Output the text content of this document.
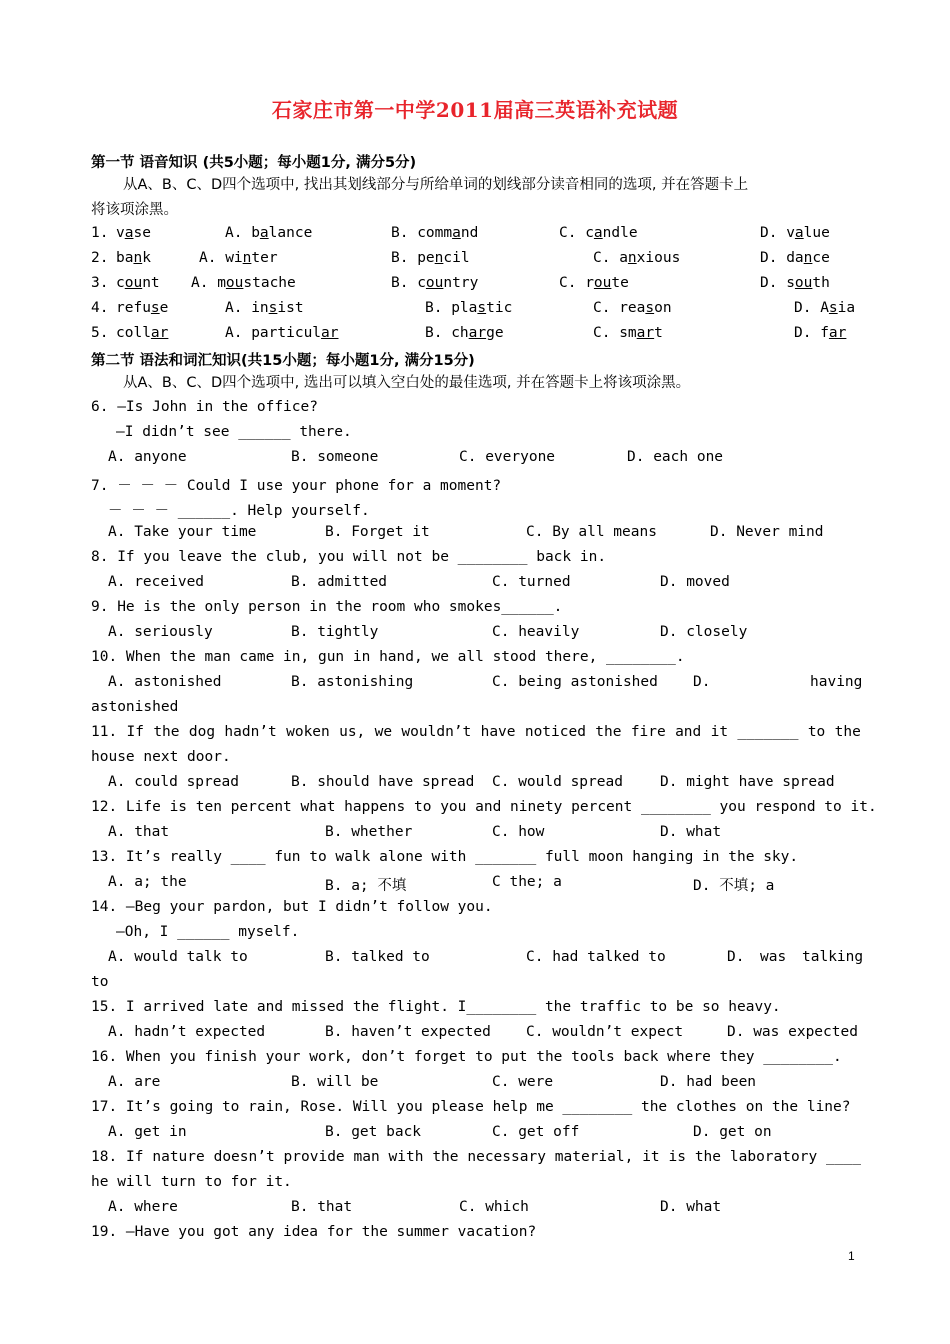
石家庄市第一中学2011届高三英语补充试题
第一节 语音知识 (共5小题；每小题1分, 满分5分)
从A、B、C、D四个选项中, 找出其划线部分与所给单词的划线部分读音相同的选项, 并在答题卡上
将该项涂黑。
1. vase	A. balance	B. command	C. candle	D. value
2. bank	A. winter	B. pencil	C. anxious	D. dance
3. count A. moustache	B. country	C. route	D. south
4. refuse	A. insist	B. plastic	C. reason	D. Asia
5. collar	A. particular	B. charge	C. smart	D. far
第二节 语法和词汇知识(共15小题；每小题1分, 满分15分)
从A、B、C、D四个选项中, 选出可以填入空白处的最佳选项, 并在答题卡上将该项涂黑。
6. —Is John in the office?
—I didn’t see ______ there.
A. anyone	B. someone	C. everyone	D. each one
7. － － － Could I use your phone for a moment?
－ － － ______. Help yourself.
A. Take your time	B. Forget it	C. By all means	D. Never mind
8. If you leave the club, you will not be ________ back in.
A. received	B. admitted	C. turned	D. moved
9. He is the only person in the room who smokes______.
A. seriously	B. tightly	C. heavily	D. closely
10. When the man came in, gun in hand, we all stood there, ________.
A. astonished	B. astonishing	C. being astonished D.	having
astonished
11. If the dog hadn’t woken us, we wouldn’t have noticed the fire and it _______ to the
house next door.
A. could spread	B. should have spread C. would spread	D. might have spread
12. Life is ten percent what happens to you and ninety percent ________ you respond to it.
A. that	B. whether	C. how	D. what
13. It’s really ____ fun to walk alone with _______ full moon hanging in the sky.
A. a; the	B. a; 不填	C the; a	D. 不填; a
14. —Beg your pardon, but I didn’t follow you.
—Oh, I ______ myself.
A. would talk to	B. talked to	C. had talked to	D. was talking
to
15. I arrived late and missed the flight. I________ the traffic to be so heavy.
A. hadn’t expected	B. haven’t expected C. wouldn’t expect	D. was expected
16. When you finish your work, don’t forget to put the tools back where they ________.
A. are	B. will be	C. were	D. had been
17. It’s going to rain, Rose. Will you please help me ________ the clothes on the line?
A. get in	B. get back	C. get off	D. get on
18. If nature doesn’t provide man with the necessary material, it is the laboratory ____
he will turn to for it.
A. where	B. that	C. which	D. what
19. —Have you got any idea for the summer vacation?
1
